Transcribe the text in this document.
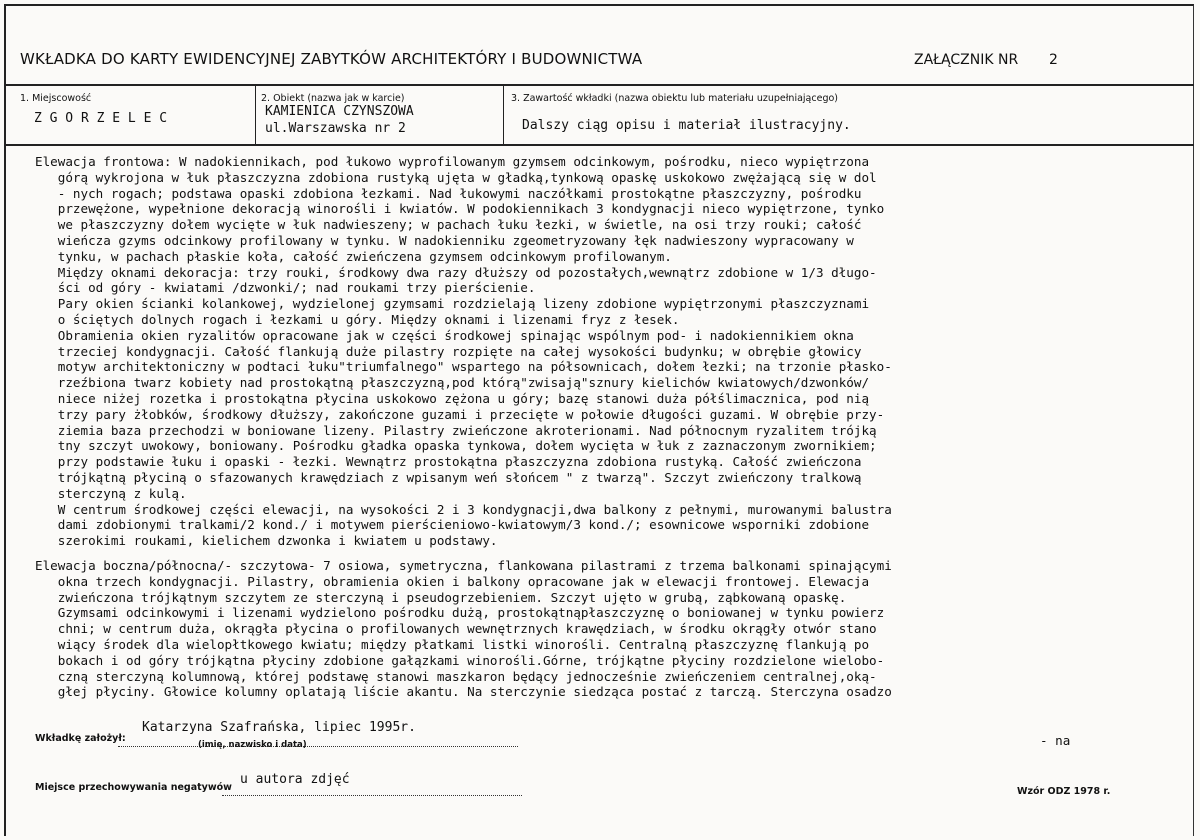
WKŁADKA DO KARTY EWIDENCYJNEJ ZABYTKÓW ARCHITEKTÓRY I BUDOWNICTWA	ZAŁĄCZNIK NR 2
1. Miejscowość
Z G O R Z E L E C
2. Obiekt (nazwa jak w karcie)
KAMIENICA CZYNSZOWA
ul.Warszawska nr 2
3. Zawartość wkładki (nazwa obiektu lub materiału uzupełniającego)
Dalszy ciąg opisu i materiał ilustracyjny.
Elewacja frontowa: W nadokiennikach, pod łukowo wyprofilowanym gzymsem odcinkowym, pośrodku, nieco wypiętrzona
górą wykrojona w łuk płaszczyzna zdobiona rustyką ujęta w gładką,tynkową opaskę uskokowo zwężającą się w dol
- nych rogach; podstawa opaski zdobiona łezkami. Nad łukowymi naczółkami prostokątne płaszczyzny, pośrodku
przewężone, wypełnione dekoracją winorośli i kwiatów. W podokiennikach 3 kondygnacji nieco wypiętrzone, tynko
we płaszczyzny dołem wycięte w łuk nadwieszeny; w pachach łuku łezki, w świetle, na osi trzy rouki; całość
wieńcza gzyms odcinkowy profilowany w tynku. W nadokienniku zgeometryzowany łęk nadwieszony wypracowany w
tynku, w pachach płaskie koła, całość zwieńczena gzymsem odcinkowym profilowanym.
Między oknami dekoracja: trzy rouki, środkowy dwa razy dłuższy od pozostałych,wewnątrz zdobione w 1/3 długo-
ści od góry - kwiatami /dzwonki/; nad roukami trzy pierścienie.
Pary okien ścianki kolankowej, wydzielonej gzymsami rozdzielają lizeny zdobione wypiętrzonymi płaszczyznami
o ściętych dolnych rogach i łezkami u góry. Między oknami i lizenami fryz z łesek.
Obramienia okien ryzalitów opracowane jak w części środkowej spinając wspólnym pod- i nadokiennikiem okna
trzeciej kondygnacji. Całość flankują duże pilastry rozpięte na całej wysokości budynku; w obrębie głowicy
motyw architektoniczny w podtaci łuku"triumfalnego" wspartego na półsownicach, dołem łezki; na trzonie płasko-
rzeźbiona twarz kobiety nad prostokątną płaszczyzną,pod którą"zwisają"sznury kielichów kwiatowych/dzwonków/
niece niżej rozetka i prostokątna płycina uskokowo zężona u góry; bazę stanowi duża półślimacznica, pod nią
trzy pary żłobków, środkowy dłuższy, zakończone guzami i przecięte w połowie długości guzami. W obrębie przy-
ziemia baza przechodzi w boniowane lizeny. Pilastry zwieńczone akroterionami. Nad północnym ryzalitem trójką
tny szczyt uwokowy, boniowany. Pośrodku gładka opaska tynkowa, dołem wycięta w łuk z zaznaczonym zwornikiem;
przy podstawie łuku i opaski - łezki. Wewnątrz prostokątna płaszczyzna zdobiona rustyką. Całość zwieńczona
trójkątną płyciną o sfazowanych krawędziach z wpisanym weń słońcem " z twarzą". Szczyt zwieńczony tralkową
sterczyną z kulą.
W centrum środkowej części elewacji, na wysokości 2 i 3 kondygnacji,dwa balkony z pełnymi, murowanymi balustra
dami zdobionymi tralkami/2 kond./ i motywem pierścieniowo-kwiatowym/3 kond./; esownicowe wsporniki zdobione
szerokimi roukami, kielichem dzwonka i kwiatem u podstawy.
Elewacja boczna/północna/- szczytowa- 7 osiowa, symetryczna, flankowana pilastrami z trzema balkonami spinającymi
okna trzech kondygnacji. Pilastry, obramienia okien i balkony opracowane jak w elewacji frontowej. Elewacja
zwieńczona trójkątnym szczytem ze sterczyną i pseudogrzebieniem. Szczyt ujęto w grubą, ząbkowaną opaskę.
Gzymsami odcinkowymi i lizenami wydzielono pośrodku dużą, prostokątnąpłaszczyznę o boniowanej w tynku powierz
chni; w centrum duża, okrągła płycina o profilowanych wewnętrznych krawędziach, w środku okrągły otwór stano
wiący środek dla wielopłtkowego kwiatu; między płatkami listki winorośli. Centralną płaszczyznę flankują po
bokach i od góry trójkątna płyciny zdobione gałązkami winorośli.Górne, trójkątne płyciny rozdzielone wielobo-
czną sterczyną kolumnową, której podstawę stanowi maszkaron będący jednocześnie zwieńczeniem centralnej,oką-
głej płyciny. Głowice kolumny oplatają liście akantu. Na sterczynie siedząca postać z tarczą. Sterczyna osadzo
- na
Wkładkę założył:
Katarzyna Szafrańska, lipiec 1995r.
(imię, nazwisko i data)
Miejsce przechowywania negatywów
u autora zdjęć
Wzór ODZ 1978 r.
